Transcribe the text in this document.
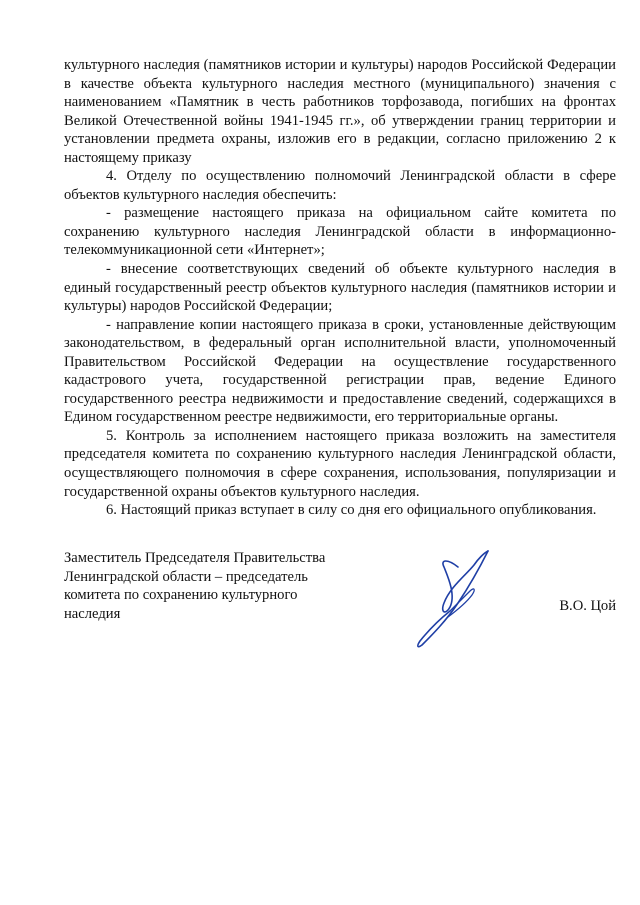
культурного наследия (памятников истории и культуры) народов Российской Федерации в качестве объекта культурного наследия местного (муниципального) значения с наименованием «Памятник в честь работников торфозавода, погибших на фронтах Великой Отечественной войны 1941-1945 гг.», об утверждении границ территории и установлении предмета охраны, изложив его в редакции, согласно приложению 2 к настоящему приказу

4. Отделу по осуществлению полномочий Ленинградской области в сфере объектов культурного наследия обеспечить:

- размещение настоящего приказа на официальном сайте комитета по сохранению культурного наследия Ленинградской области в информационно-телекоммуникационной сети «Интернет»;

- внесение соответствующих сведений об объекте культурного наследия в единый государственный реестр объектов культурного наследия (памятников истории и культуры) народов Российской Федерации;

- направление копии настоящего приказа в сроки, установленные действующим законодательством, в федеральный орган исполнительной власти, уполномоченный Правительством Российской Федерации на осуществление государственного кадастрового учета, государственной регистрации прав, ведение Единого государственного реестра недвижимости и предоставление сведений, содержащихся в Едином государственном реестре недвижимости, его территориальные органы.

5. Контроль за исполнением настоящего приказа возложить на заместителя председателя комитета по сохранению культурного наследия Ленинградской области, осуществляющего полномочия в сфере сохранения, использования, популяризации и государственной охраны объектов культурного наследия.

6. Настоящий приказ вступает в силу со дня его официального опубликования.

Заместитель Председателя Правительства
Ленинградской области – председатель
комитета по сохранению культурного
наследия	В.О. Цой
